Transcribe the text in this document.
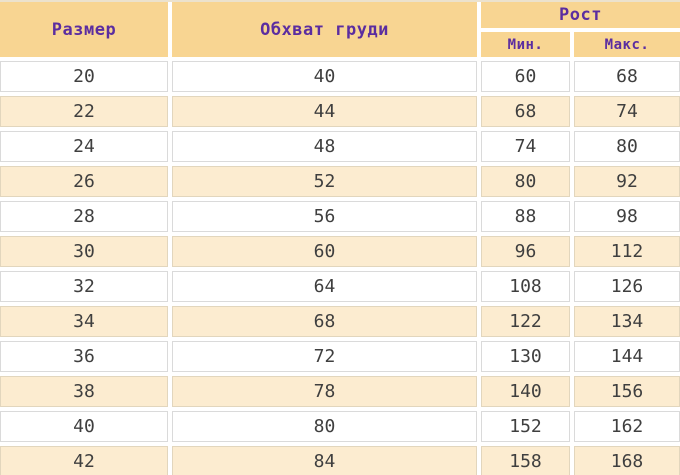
Размер	Обхват груди
Рост
Мин.	Макс.
20	40	60	68
22	44	68	74
24	48	74	80
26	52	80	92
28	56	88	98
30	60	96	112
32	64	108	126
34	68	122	134
36	72	130	144
38	78	140	156
40	80	152	162
42	84	158	168
